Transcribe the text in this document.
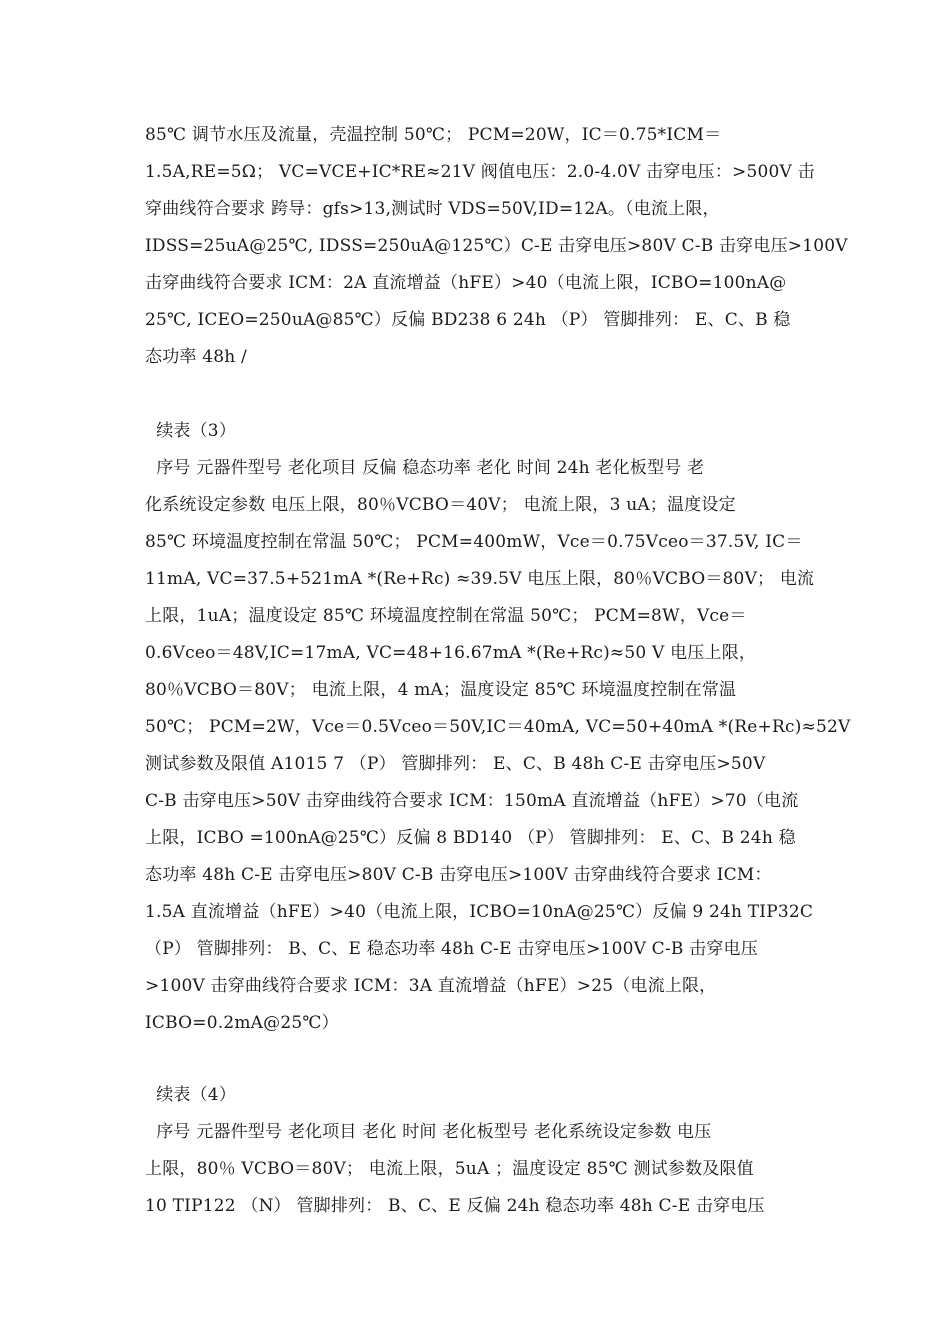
85℃ 调节水压及流量，壳温控制 50℃； PCM=20W，IC＝0.75*ICM＝
1.5A,RE=5Ω； VC=VCE+IC*RE≈21V 阀值电压：2.0-4.0V 击穿电压：>500V 击
穿曲线符合要求 跨导：gfs>13,测试时 VDS=50V,ID=12A。（电流上限，
IDSS=25uA@25℃, IDSS=250uA@125℃）C-E 击穿电压>80V C-B 击穿电压>100V
击穿曲线符合要求 ICM：2A 直流增益（hFE）>40（电流上限，ICBO=100nA@
25℃, ICEO=250uA@85℃）反偏 BD238 6 24h （P） 管脚排列： E、C、B 稳
态功率 48h /
续表（3）
序号 元器件型号 老化项目 反偏 稳态功率 老化 时间 24h 老化板型号 老
化系统设定参数 电压上限，80％VCBO＝40V； 电流上限，3 uA；温度设定
85℃ 环境温度控制在常温 50℃； PCM=400mW，Vce＝0.75Vceo＝37.5V, IC＝
11mA, VC=37.5+521mA *(Re+Rc) ≈39.5V 电压上限，80％VCBO＝80V； 电流
上限，1uA；温度设定 85℃ 环境温度控制在常温 50℃； PCM=8W，Vce＝
0.6Vceo＝48V,IC=17mA, VC=48+16.67mA *(Re+Rc)≈50 V 电压上限，
80％VCBO＝80V； 电流上限，4 mA；温度设定 85℃ 环境温度控制在常温
50℃； PCM=2W，Vce＝0.5Vceo＝50V,IC＝40mA, VC=50+40mA *(Re+Rc)≈52V
测试参数及限值 A1015 7 （P） 管脚排列： E、C、B 48h C-E 击穿电压>50V
C-B 击穿电压>50V 击穿曲线符合要求 ICM：150mA 直流增益（hFE）>70（电流
上限，ICBO =100nA@25℃）反偏 8 BD140 （P） 管脚排列： E、C、B 24h 稳
态功率 48h C-E 击穿电压>80V C-B 击穿电压>100V 击穿曲线符合要求 ICM：
1.5A 直流增益（hFE）>40（电流上限，ICBO=10nA@25℃）反偏 9 24h TIP32C
（P） 管脚排列： B、C、E 稳态功率 48h C-E 击穿电压>100V C-B 击穿电压
>100V 击穿曲线符合要求 ICM：3A 直流增益（hFE）>25（电流上限，
ICBO=0.2mA@25℃）
续表（4）
序号 元器件型号 老化项目 老化 时间 老化板型号 老化系统设定参数 电压
上限，80％ VCBO＝80V； 电流上限，5uA ；温度设定 85℃ 测试参数及限值
10 TIP122 （N） 管脚排列： B、C、E 反偏 24h 稳态功率 48h C-E 击穿电压
